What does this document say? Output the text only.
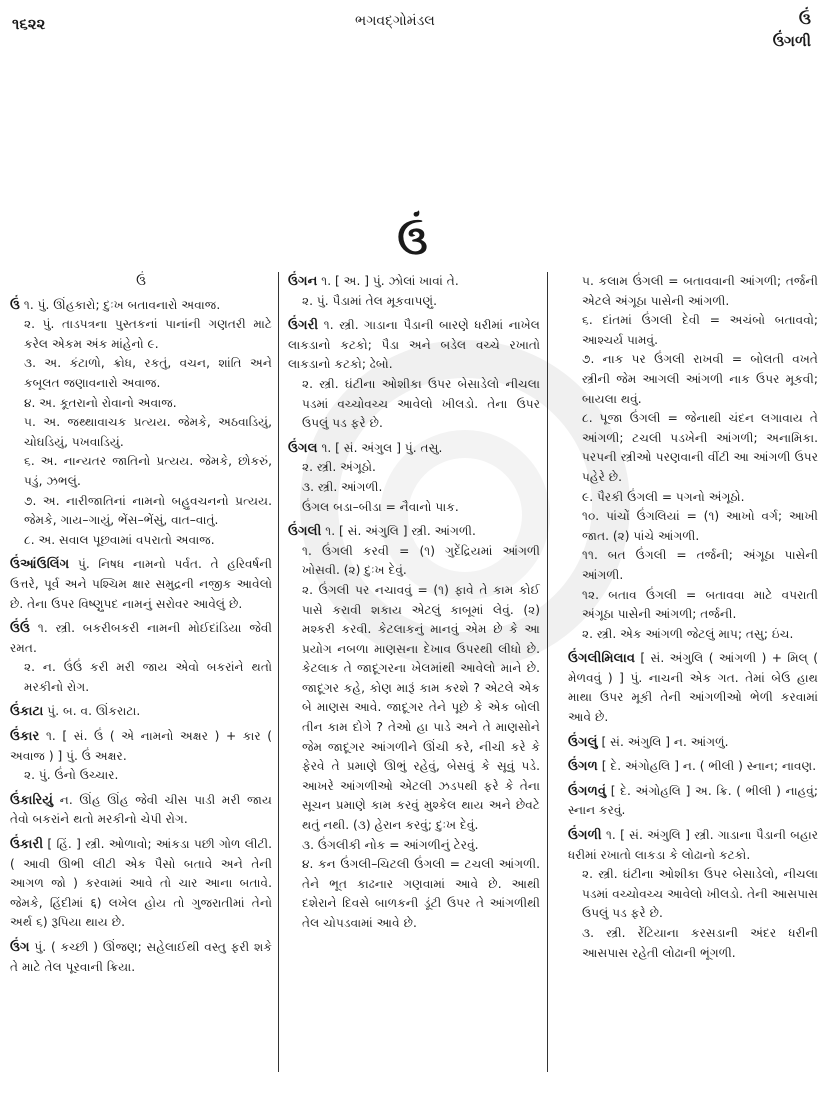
૧૬૨૨	ભગવદ્ગોમંડલ	ઉં
ઉંગળી
ઉં
ઉં
ઉં ૧. પું. ઊંહકારો; દુઃખ બતાવનારો અવાજ.
૨. પું. તાડપત્રના પુસ્તકનાં પાનાંની ગણતરી માટે કરેલ એકમ અંક માંહેનો ૯.
૩. અ. કંટાળો, ક્રોધ, રકતું, વચન, શાંતિ અને કબૂલત જણાવનારો અવાજ.
૪. અ. કૂતરાનો રોવાનો અવાજ.
૫. અ. જથ્થાવાચક પ્રત્યય. જેમકે, અઠવાડિયું, ચોઘડિયું, પખવાડિયું.
૬. અ. નાન્યતર જાતિનો પ્રત્યય. જેમકે, છોકરું, પડું, ઝભલું.
૭. અ. નારીજાતિનાં નામનો બહુવચનનો પ્રત્યય. જેમકે, ગાય–ગાયું, ભેંસ–ભેંસું, વાત–વાતું.
૮. અ. સવાલ પૂછવામાં વપરાતો અવાજ.
ઉંઆંઉલિંગ પું. નિષધ નામનો પર્વત. તે હરિવર્ષની ઉત્તરે, પૂર્વ અને પશ્ચિમ ક્ષાર સમુદ્રની નજીક આવેલો છે. તેના ઉપર વિષ્ણુપદ નામનું સરોવર આવેલું છે.
ઉંઉં ૧. સ્ત્રી. બકરીબકરી નામની મોઈદાંડિયા જેવી રમત.
૨. ન. ઉંઉં કરી મરી જાય એવો બકરાંને થતો મરકીનો રોગ.
ઉંકાટા પું. બ. વ. ઊંકરાટા.
ઉંકાર ૧. [ સં. ઉં ( એ નામનો અક્ષર ) + કાર ( અવાજ ) ] પું. ઉં અક્ષર.
૨. પું. ઉંનો ઉચ્ચાર.
ઉંકારિયું ન. ઊંહ ઊંહ જેવી ચીસ પાડી મરી જાય તેવો બકરાંને થતો મરકીનો ચેપી રોગ.
ઉંકારી [ હિં. ] સ્ત્રી. ઓળાવો; આંકડા પછી ગોળ લીટી. ( આવી ઊભી લીટી એક પૈસો બતાવે અને તેની આગળ જો ) કરવામાં આવે તો ચાર આના બતાવે. જેમકે, હિંદીમાં ६) લખેલ હોય તો ગુજરાતીમાં તેનો અર્થ ૬) રૂપિયા થાય છે.
ઉંગ પું. ( કચ્છી ) ઊંજણ; સહેલાઈથી વસ્તુ ફરી શકે તે માટે તેલ પૂરવાની ક્રિયા.
ઉંગન ૧. [ અ. ] પું. ઝોલાં ખાવાં તે.
૨. પું. પૈડામાં તેલ મૂકવાપણું.
ઉંગરી ૧. સ્ત્રી. ગાડાના પૈડાની બારણે ધરીમાં નાખેલ લાકડાનો કટકો; પૈડા અને બડેલ વચ્ચે રખાતો લાકડાનો કટકો; ઢેબો.
૨. સ્ત્રી. ઘંટીના ઓશીકા ઉપર બેસાડેલો નીચલા પડમાં વચ્ચોવચ્ચ આવેલો ખીલડો. તેના ઉપર ઉપલું પડ ફરે છે.
ઉંગલ ૧. [ સં. અંગુલ ] પું. તસુ.
૨. સ્ત્રી. અંગૂઠો.
૩. સ્ત્રી. આંગળી.
ઉંગલ બડા–બીડા = નૈવાનો પાક.
ઉંગલી ૧. [ સં. અંગુલિ ] સ્ત્રી. આંગળી.
૧. ઉંગલી કરવી = (૧) ગુદેંદ્રિયમાં આંગળી ખોસવી. (૨) દુઃખ દેવું.
૨. ઉંગલી પર નચાવવું = (૧) ફાવે તે કામ કોઈ પાસે કરાવી શકાય એટલું કાબૂમાં લેવું. (૨) મશ્કરી કરવી. કેટલાકનું માનવું એમ છે કે આ પ્રયોગ નબળા માણસના દેખાવ ઉપરથી લીધો છે. કેટલાક તે જાદૂગરના ખેલમાંથી આવેલો માને છે. જાદૂગર કહે, કોણ મારૂં કામ કરશે ? એટલે એક બે માણસ આવે. જાદૂગર તેને પૂછે કે એક બોલી તીન કામ દોગે ? તેઓ હા પાડે અને તે માણસોને જેમ જાદૂગર આંગળીને ઊંચી કરે, નીચી કરે કે ફેરવે તે પ્રમાણે ઊભું રહેવું, બેસવું કે સૂવું પડે. આખરે આંગળીઓ એટલી ઝડપથી ફરે કે તેના સૂચન પ્રમાણે કામ કરવું મુશ્કેલ થાય અને છેવટે થતું નથી. (૩) હેરાન કરવું; દુઃખ દેવું.
૩. ઉંગલીકી નોક = આંગળીનું ટેરવું.
૪. કન ઉંગલી–ચિટલી ઉંગલી = ટચલી આંગળી. તેને ભૂત કાઢનાર ગણવામાં આવે છે. આથી દશેરાને દિવસે બાળકની ડૂંટી ઉપર તે આંગળીથી તેલ ચોપડવામાં આવે છે.
૫. કલામ ઉંગલી = બતાવવાની આંગળી; તર્જની એટલે અંગૂઠા પાસેની આંગળી.
૬. દાંતમાં ઉંગલી દેવી = અચંબો બતાવવો; આશ્ચર્ય પામવું.
૭. નાક પર ઉંગલી રાખવી = બોલતી વખતે સ્ત્રીની જેમ આગલી આંગળી નાક ઉપર મૂકવી; બાયલા થવું.
૮. પૂજા ઉંગલી = જેનાથી ચંદન લગાવાય તે આંગળી; ટચલી પડખેની આંગળી; અનામિકા. પરપની સ્ત્રીઓ પરણવાની વીંટી આ આંગળી ઉપર પહેરે છે.
૯. પૈરકી ઉંગલી = પગનો અંગૂઠો.
૧૦. પાંચોં ઉંગલિયાં = (૧) આખો વર્ગ; આખી જાત. (૨) પાંચે આંગળી.
૧૧. બત ઉંગલી = તર્જની; અંગૂઠા પાસેની આંગળી.
૧૨. બતાવ ઉંગલી = બતાવવા માટે વપરાતી અંગૂઠા પાસેની આંગળી; તર્જની.
૨. સ્ત્રી. એક આંગળી જેટલું માપ; તસુ; ઇંચ.
ઉંગલીમિલાવ [ સં. અંગુલિ ( આંગળી ) + મિલ્ ( મેળવવું ) ] પું. નાચની એક ગત. તેમાં બેઉ હાથ માથા ઉપર મૂકી તેની આંગળીઓ ભેળી કરવામાં આવે છે.
ઉંગલું [ સં. અંગુલિ ] ન. આંગળું.
ઉંગળ [ દે. અંગોહલિ ] ન. ( ભીલી ) સ્નાન; નાવણ.
ઉંગળવું [ દે. અંગોહલિ ] અ. ક્રિ. ( ભીલી ) નાહવું; સ્નાન કરવું.
ઉંગળી ૧. [ સં. અંગુલિ ] સ્ત્રી. ગાડાના પૈડાની બહાર ધરીમાં રખાતો લાકડા કે લોઢાનો કટકો.
૨. સ્ત્રી. ઘંટીના ઓશીકા ઉપર બેસાડેલો, નીચલા પડમાં વચ્ચોવચ્ચ આવેલો ખીલડો. તેની આસપાસ ઉપલું પડ ફરે છે.
૩. સ્ત્રી. રેંટિયાના કરસડાની અંદર ધરીની આસપાસ રહેતી લોઢાની ભૂંગળી.
